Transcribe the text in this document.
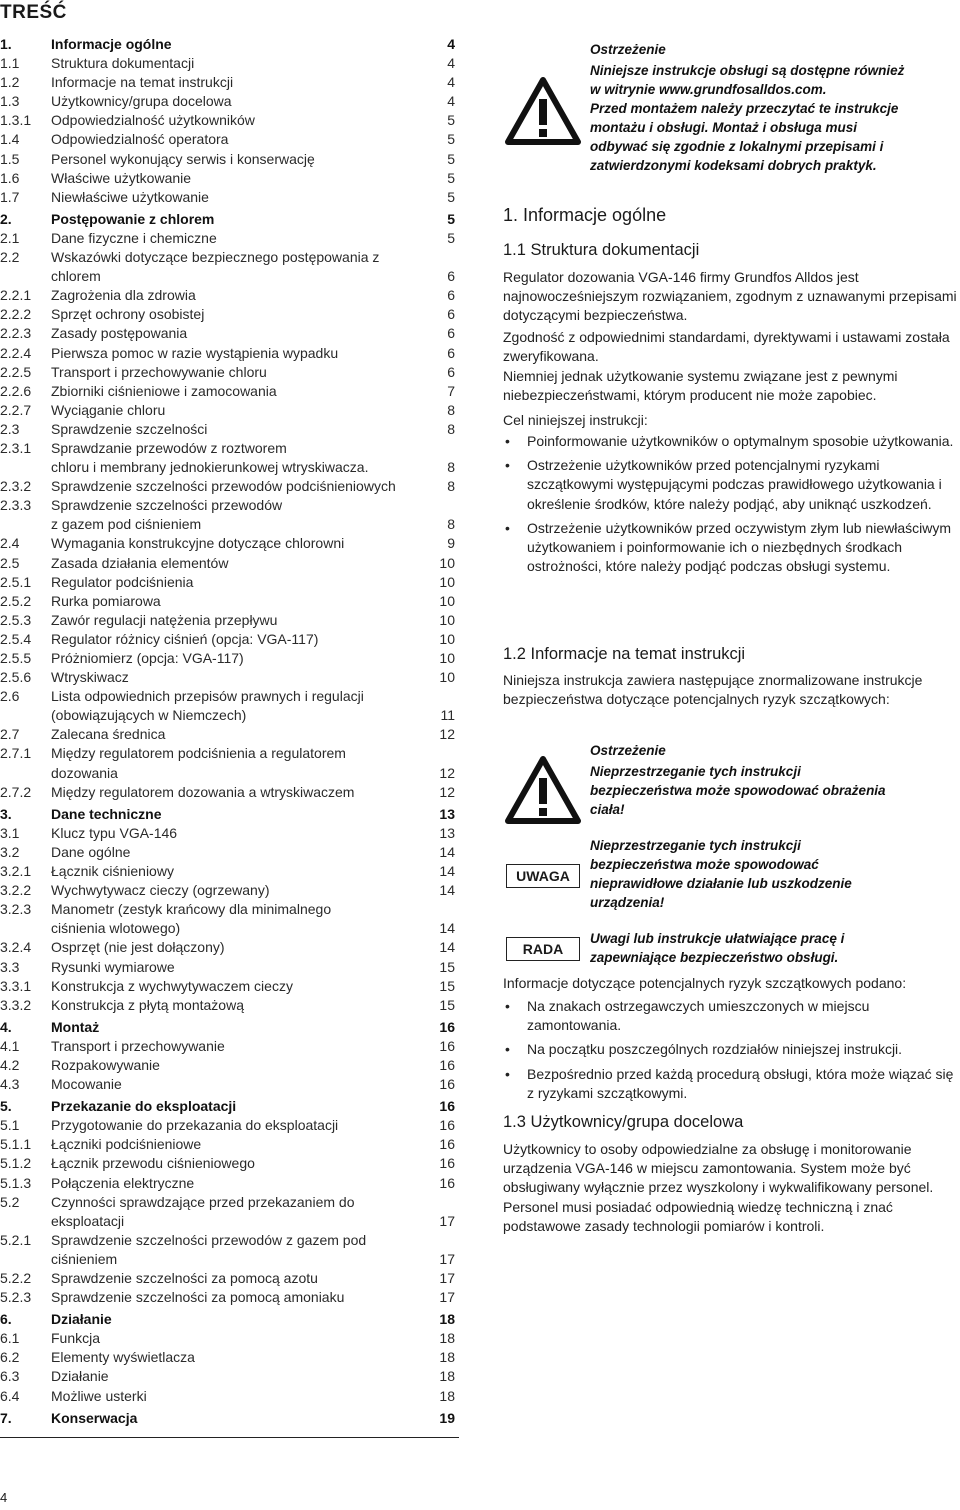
TREŚĆ
1.	Informacje ogólne	4
1.1	Struktura dokumentacji	4
1.2	Informacje na temat instrukcji	4
1.3	Użytkownicy/grupa docelowa	4
1.3.1	Odpowiedzialność użytkowników	5
1.4	Odpowiedzialność operatora	5
1.5	Personel wykonujący serwis i konserwację	5
1.6	Właściwe użytkowanie	5
1.7	Niewłaściwe użytkowanie	5
2.	Postępowanie z chlorem	5
2.1	Dane fizyczne i chemiczne	5
2.2	Wskazówki dotyczące bezpiecznego postępowania z
chlorem	6
2.2.1	Zagrożenia dla zdrowia	6
2.2.2	Sprzęt ochrony osobistej	6
2.2.3	Zasady postępowania	6
2.2.4	Pierwsza pomoc w razie wystąpienia wypadku	6
2.2.5	Transport i przechowywanie chloru	6
2.2.6	Zbiorniki ciśnieniowe i zamocowania	7
2.2.7	Wyciąganie chloru	8
2.3	Sprawdzenie szczelności	8
2.3.1	Sprawdzanie przewodów z roztworem
chloru i membrany jednokierunkowej wtryskiwacza.	8
2.3.2	Sprawdzenie szczelności przewodów podciśnieniowych	8
2.3.3	Sprawdzenie szczelności przewodów
z gazem pod ciśnieniem	8
2.4	Wymagania konstrukcyjne dotyczące chlorowni	9
2.5	Zasada działania elementów	10
2.5.1	Regulator podciśnienia	10
2.5.2	Rurka pomiarowa	10
2.5.3	Zawór regulacji natężenia przepływu	10
2.5.4	Regulator różnicy ciśnień (opcja: VGA-117)	10
2.5.5	Próżniomierz (opcja: VGA-117)	10
2.5.6	Wtryskiwacz	10
2.6	Lista odpowiednich przepisów prawnych i regulacji
(obowiązujących w Niemczech)	11
2.7	Zalecana średnica	12
2.7.1	Między regulatorem podciśnienia a regulatorem
dozowania	12
2.7.2	Między regulatorem dozowania a wtryskiwaczem	12
3.	Dane techniczne	13
3.1	Klucz typu VGA-146	13
3.2	Dane ogólne	14
3.2.1	Łącznik ciśnieniowy	14
3.2.2	Wychwytywacz cieczy (ogrzewany)	14
3.2.3	Manometr (zestyk krańcowy dla minimalnego
ciśnienia wlotowego)	14
3.2.4	Osprzęt (nie jest dołączony)	14
3.3	Rysunki wymiarowe	15
3.3.1	Konstrukcja z wychwytywaczem cieczy	15
3.3.2	Konstrukcja z płytą montażową	15
4.	Montaż	16
4.1	Transport i przechowywanie	16
4.2	Rozpakowywanie	16
4.3	Mocowanie	16
5.	Przekazanie do eksploatacji	16
5.1	Przygotowanie do przekazania do eksploatacji	16
5.1.1	Łączniki podciśnieniowe	16
5.1.2	Łącznik przewodu ciśnieniowego	16
5.1.3	Połączenia elektryczne	16
5.2	Czynności sprawdzające przed przekazaniem do
eksploatacji	17
5.2.1	Sprawdzenie szczelności przewodów z gazem pod
ciśnieniem	17
5.2.2	Sprawdzenie szczelności za pomocą azotu	17
5.2.3	Sprawdzenie szczelności za pomocą amoniaku	17
6.	Działanie	18
6.1	Funkcja	18
6.2	Elementy wyświetlacza	18
6.3	Działanie	18
6.4	Możliwe usterki	18
7.	Konserwacja	19
4
Ostrzeżenie
Niniejsze instrukcje obsługi są dostępne również
w witrynie www.grundfosalldos.com.
Przed montażem należy przeczytać te instrukcje
montażu i obsługi. Montaż i obsługa musi
odbywać się zgodnie z lokalnymi przepisami i
zatwierdzonymi kodeksami dobrych praktyk.
1. Informacje ogólne
1.1 Struktura dokumentacji
Regulator dozowania VGA-146 firmy Grundfos Alldos jest najnowocześniejszym rozwiązaniem, zgodnym z uznawanymi przepisami dotyczącymi bezpieczeństwa.
Zgodność z odpowiednimi standardami, dyrektywami i ustawami została zweryfikowana.
Niemniej jednak użytkowanie systemu związane jest z pewnymi niebezpieczeństwami, którym producent nie może zapobiec.
Cel niniejszej instrukcji:
• Poinformowanie użytkowników o optymalnym sposobie użytkowania.
• Ostrzeżenie użytkowników przed potencjalnymi ryzykami szczątkowymi występującymi podczas prawidłowego użytkowania i określenie środków, które należy podjąć, aby uniknąć uszkodzeń.
• Ostrzeżenie użytkowników przed oczywistym złym lub niewłaściwym użytkowaniem i poinformowanie ich o niezbędnych środkach ostrożności, które należy podjąć podczas obsługi systemu.
1.2 Informacje na temat instrukcji
Niniejsza instrukcja zawiera następujące znormalizowane instrukcje bezpieczeństwa dotyczące potencjalnych ryzyk szczątkowych:
Ostrzeżenie
Nieprzestrzeganie tych instrukcji
bezpieczeństwa może spowodować obrażenia
ciała!
UWAGA
Nieprzestrzeganie tych instrukcji
bezpieczeństwa może spowodować
nieprawidłowe działanie lub uszkodzenie
urządzenia!
RADA
Uwagi lub instrukcje ułatwiające pracę i
zapewniające bezpieczeństwo obsługi.
Informacje dotyczące potencjalnych ryzyk szczątkowych podano:
• Na znakach ostrzegawczych umieszczonych w miejscu zamontowania.
• Na początku poszczególnych rozdziałów niniejszej instrukcji.
• Bezpośrednio przed każdą procedurą obsługi, która może wiązać się z ryzykami szczątkowymi.
1.3 Użytkownicy/grupa docelowa
Użytkownicy to osoby odpowiedzialne za obsługę i monitorowanie urządzenia VGA-146 w miejscu zamontowania. System może być obsługiwany wyłącznie przez wyszkolony i wykwalifikowany personel. Personel musi posiadać odpowiednią wiedzę techniczną i znać podstawowe zasady technologii pomiarów i kontroli.
